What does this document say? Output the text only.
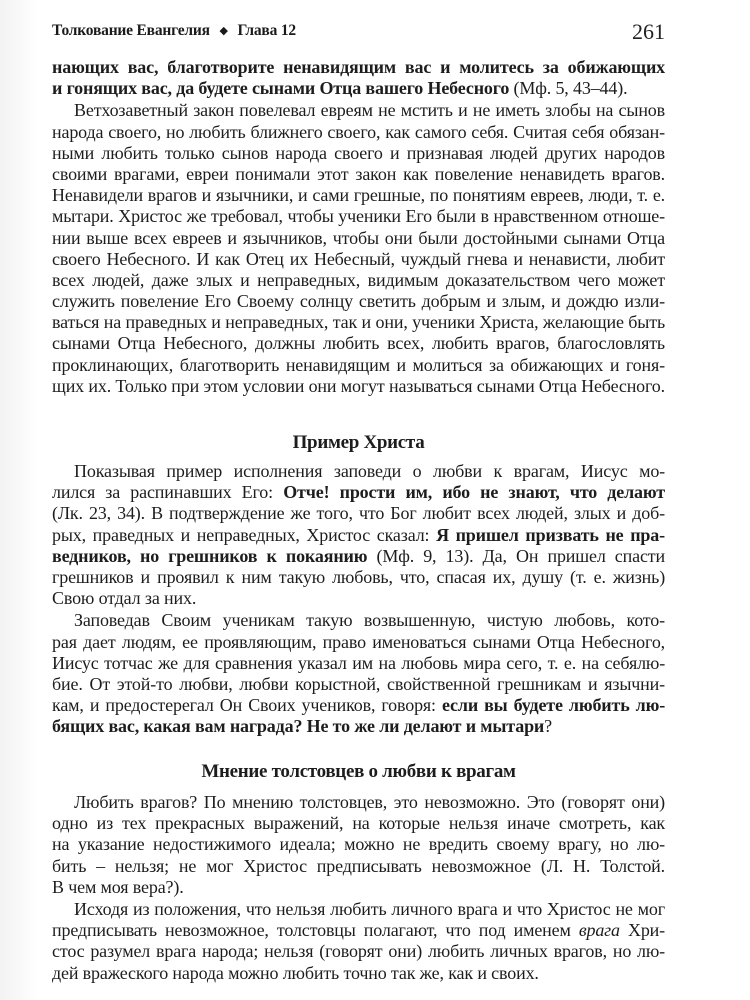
Толкование Евангелия ◆ Глава 12	261
нающих вас, благотворите ненавидящим вас и молитесь за обижающих
и гонящих вас, да будете сынами Отца вашего Небесного (Мф. 5, 43–44).
Ветхозаветный закон повелевал евреям не мстить и не иметь злобы на сынов
народа своего, но любить ближнего своего, как самого себя. Считая себя обязан-
ными любить только сынов народа своего и признавая людей других народов
своими врагами, евреи понимали этот закон как повеление ненавидеть врагов.
Ненавидели врагов и язычники, и сами грешные, по понятиям евреев, люди, т. е.
мытари. Христос же требовал, чтобы ученики Его были в нравственном отноше-
нии выше всех евреев и язычников, чтобы они были достойными сынами Отца
своего Небесного. И как Отец их Небесный, чуждый гнева и ненависти, любит
всех людей, даже злых и неправедных, видимым доказательством чего может
служить повеление Его Своему солнцу светить добрым и злым, и дождю изли-
ваться на праведных и неправедных, так и они, ученики Христа, желающие быть
сынами Отца Небесного, должны любить всех, любить врагов, благословлять
проклинающих, благотворить ненавидящим и молиться за обижающих и гоня-
щих их. Только при этом условии они могут называться сынами Отца Небесного.
Пример Христа
Показывая пример исполнения заповеди о любви к врагам, Иисус мо-
лился за распинавших Его: Отче! прости им, ибо не знают, что делают
(Лк. 23, 34). В подтверждение же того, что Бог любит всех людей, злых и доб-
рых, праведных и неправедных, Христос сказал: Я пришел призвать не пра-
ведников, но грешников к покаянию (Мф. 9, 13). Да, Он пришел спасти
грешников и проявил к ним такую любовь, что, спасая их, душу (т. е. жизнь)
Свою отдал за них.
Заповедав Своим ученикам такую возвышенную, чистую любовь, кото-
рая дает людям, ее проявляющим, право именоваться сынами Отца Небесного,
Иисус тотчас же для сравнения указал им на любовь мира сего, т. е. на себялю-
бие. От этой-то любви, любви корыстной, свойственной грешникам и язычни-
кам, и предостерегал Он Своих учеников, говоря: если вы будете любить лю-
бящих вас, какая вам награда? Не то же ли делают и мытари?
Мнение толстовцев о любви к врагам
Любить врагов? По мнению толстовцев, это невозможно. Это (говорят они)
одно из тех прекрасных выражений, на которые нельзя иначе смотреть, как
на указание недостижимого идеала; можно не вредить своему врагу, но лю-
бить – нельзя; не мог Христос предписывать невозможное (Л. Н. Толстой.
В чем моя вера?).
Исходя из положения, что нельзя любить личного врага и что Христос не мог
предписывать невозможное, толстовцы полагают, что под именем врага Хри-
стос разумел врага народа; нельзя (говорят они) любить личных врагов, но лю-
дей вражеского народа можно любить точно так же, как и своих.
